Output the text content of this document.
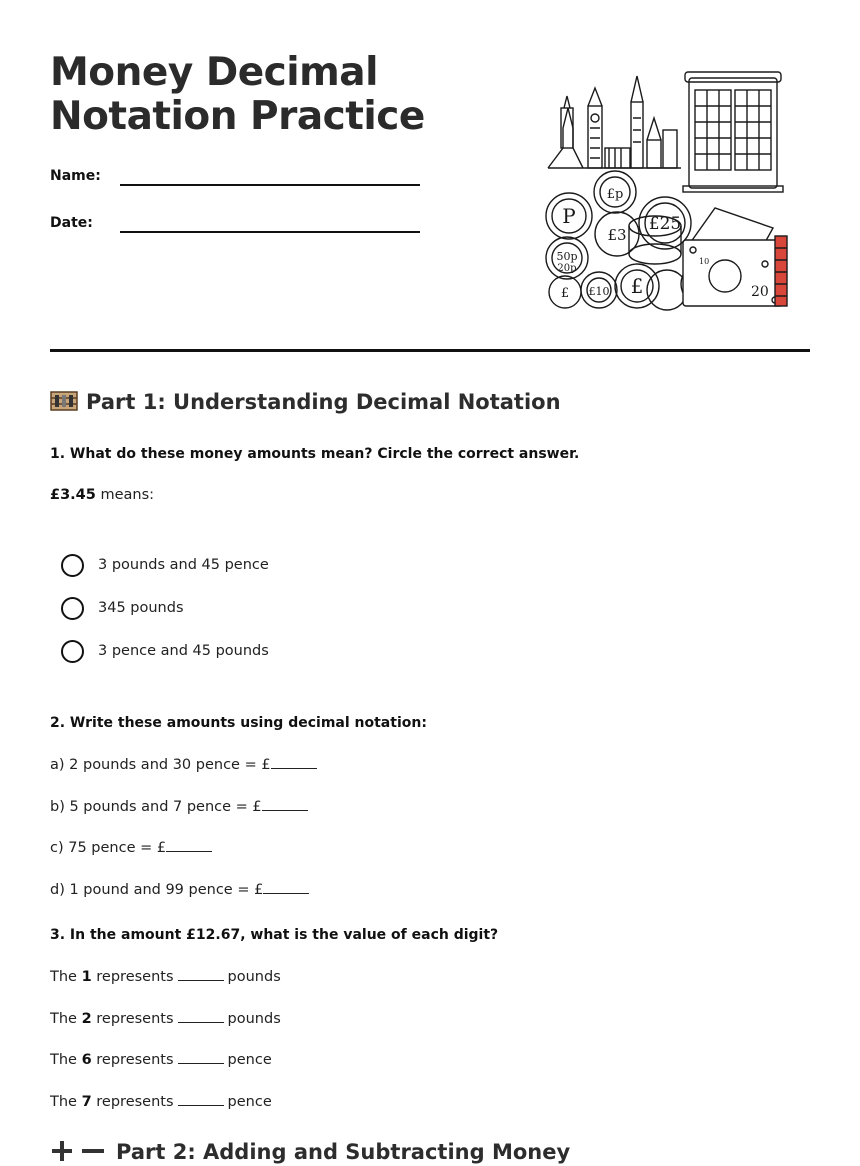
Money Decimal
Notation Practice
Name:
Date:
£p
P
£3
£25
50p
20p
£ £10 £	20
10
Part 1: Understanding Decimal Notation
1. What do these money amounts mean? Circle the correct answer.
£3.45 means:
3 pounds and 45 pence
345 pounds
3 pence and 45 pounds
2. Write these amounts using decimal notation:
a) 2 pounds and 30 pence = £
b) 5 pounds and 7 pence = £
c) 75 pence = £
d) 1 pound and 99 pence = £
3. In the amount £12.67, what is the value of each digit?
The 1 represents	pounds
The 2 represents	pounds
The 6 represents	pence
The 7 represents	pence
Part 2: Adding and Subtracting Money
